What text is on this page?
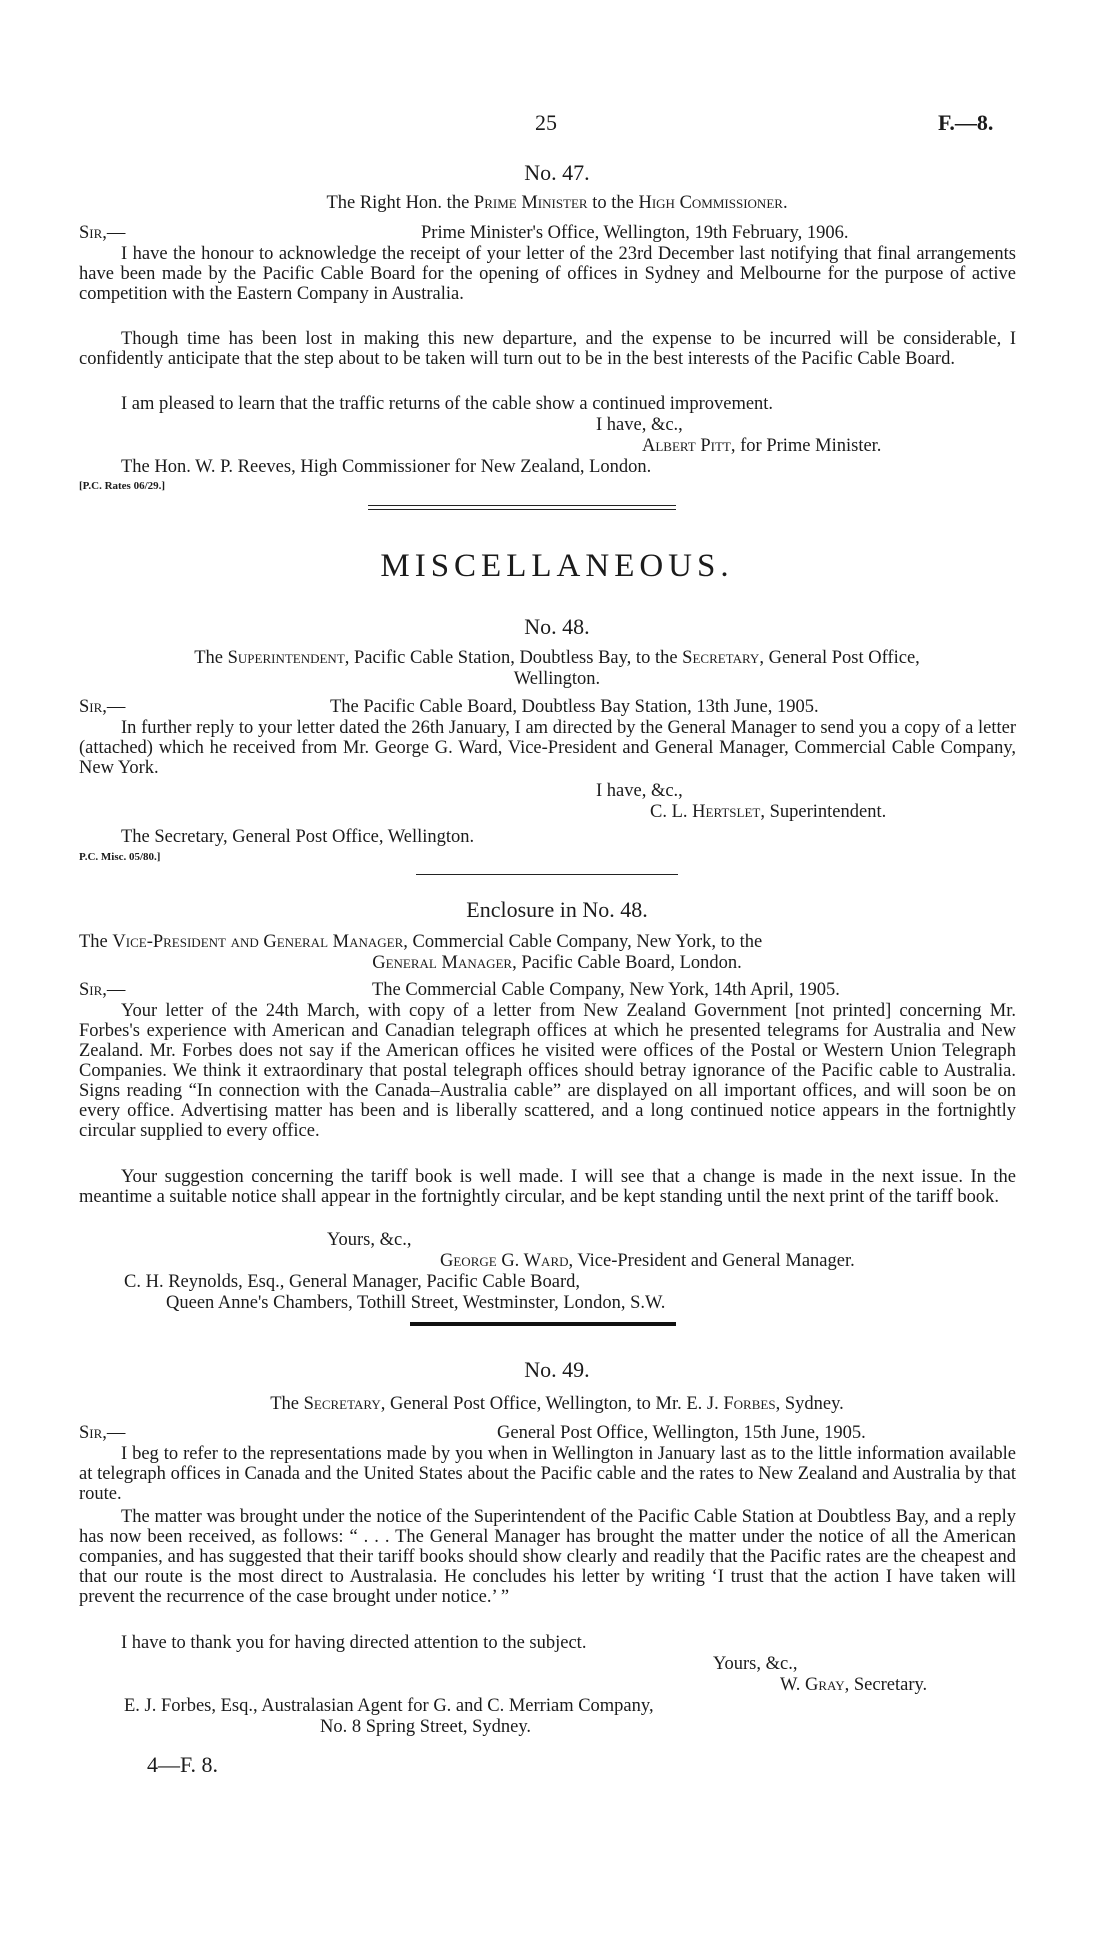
25	F.—8.
No. 47.
The Right Hon. the Prime Minister to the High Commissioner.
Sir,—	Prime Minister's Office, Wellington, 19th February, 1906.
I have the honour to acknowledge the receipt of your letter of the 23rd December last notifying that final arrangements have been made by the Pacific Cable Board for the opening of offices in Sydney and Melbourne for the purpose of active competition with the Eastern Company in Australia.
Though time has been lost in making this new departure, and the expense to be incurred will be considerable, I confidently anticipate that the step about to be taken will turn out to be in the best interests of the Pacific Cable Board.
I am pleased to learn that the traffic returns of the cable show a continued improvement.
I have, &c.,
Albert Pitt, for Prime Minister.
The Hon. W. P. Reeves, High Commissioner for New Zealand, London.
[P.C. Rates 06/29.]
MISCELLANEOUS.
No. 48.
The Superintendent, Pacific Cable Station, Doubtless Bay, to the Secretary, General Post Office,
Wellington.
Sir,—	The Pacific Cable Board, Doubtless Bay Station, 13th June, 1905.
In further reply to your letter dated the 26th January, I am directed by the General Manager to send you a copy of a letter (attached) which he received from Mr. George G. Ward, Vice-President and General Manager, Commercial Cable Company, New York.
I have, &c.,
C. L. Hertslet, Superintendent.
The Secretary, General Post Office, Wellington.
P.C. Misc. 05/80.]
Enclosure in No. 48.
The Vice-President and General Manager, Commercial Cable Company, New York, to the
General Manager, Pacific Cable Board, London.
Sir,—	The Commercial Cable Company, New York, 14th April, 1905.
Your letter of the 24th March, with copy of a letter from New Zealand Government [not printed] concerning Mr. Forbes's experience with American and Canadian telegraph offices at which he presented telegrams for Australia and New Zealand. Mr. Forbes does not say if the American offices he visited were offices of the Postal or Western Union Telegraph Companies. We think it extraordinary that postal telegraph offices should betray ignorance of the Pacific cable to Australia. Signs reading “In connection with the Canada–Australia cable” are displayed on all important offices, and will soon be on every office. Advertising matter has been and is liberally scattered, and a long continued notice appears in the fortnightly circular supplied to every office.
Your suggestion concerning the tariff book is well made. I will see that a change is made in the next issue. In the meantime a suitable notice shall appear in the fortnightly circular, and be kept standing until the next print of the tariff book.
Yours, &c.,
George G. Ward, Vice-President and General Manager.
C. H. Reynolds, Esq., General Manager, Pacific Cable Board,
Queen Anne's Chambers, Tothill Street, Westminster, London, S.W.
No. 49.
The Secretary, General Post Office, Wellington, to Mr. E. J. Forbes, Sydney.
Sir,—	General Post Office, Wellington, 15th June, 1905.
I beg to refer to the representations made by you when in Wellington in January last as to the little information available at telegraph offices in Canada and the United States about the Pacific cable and the rates to New Zealand and Australia by that route.
The matter was brought under the notice of the Superintendent of the Pacific Cable Station at Doubtless Bay, and a reply has now been received, as follows: “ . . . The General Manager has brought the matter under the notice of all the American companies, and has suggested that their tariff books should show clearly and readily that the Pacific rates are the cheapest and that our route is the most direct to Australasia. He concludes his letter by writing ‘I trust that the action I have taken will prevent the recurrence of the case brought under notice.’ ”
I have to thank you for having directed attention to the subject.
Yours, &c.,
W. Gray, Secretary.
E. J. Forbes, Esq., Australasian Agent for G. and C. Merriam Company,
No. 8 Spring Street, Sydney.
4—F. 8.
